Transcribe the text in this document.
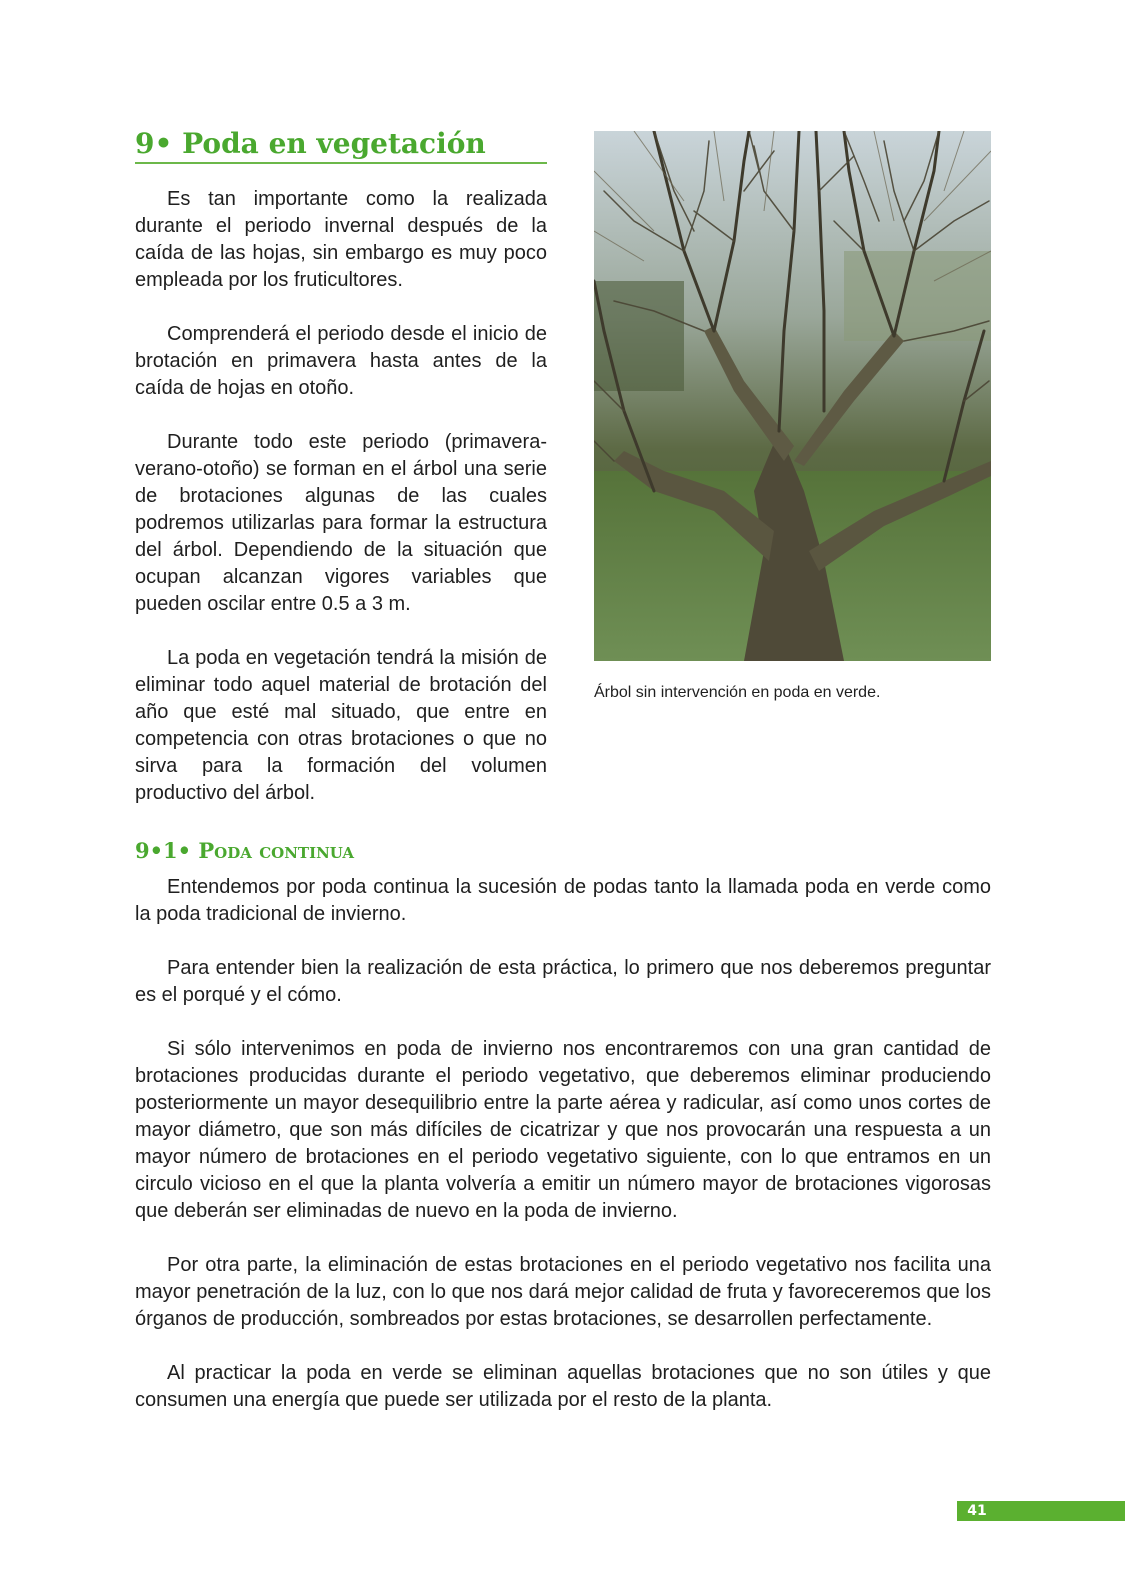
9• Poda en vegetación

Es tan importante como la realizada durante el periodo invernal después de la caída de las hojas, sin embargo es muy poco empleada por los fruticultores.

Comprenderá el periodo desde el inicio de brotación en primavera hasta antes de la caída de hojas en otoño.

Durante todo este periodo (primavera-verano-otoño) se forman en el árbol una serie de brotaciones algunas de las cuales podremos utilizarlas para formar la estructura del árbol. Dependiendo de la situación que ocupan alcanzan vigores variables que pueden oscilar entre 0.5 a 3 m.

La poda en vegetación tendrá la misión de eliminar todo aquel material de brotación del año que esté mal situado, que entre en competencia con otras brotaciones o que no sirva para la formación del volumen productivo del árbol.

Árbol sin intervención en poda en verde.
9•1• Poda continua

Entendemos por poda continua la sucesión de podas tanto la llamada poda en verde como la poda tradicional de invierno.

Para entender bien la realización de esta práctica, lo primero que nos deberemos preguntar es el porqué y el cómo.

Si sólo intervenimos en poda de invierno nos encontraremos con una gran cantidad de brotaciones producidas durante el periodo vegetativo, que deberemos eliminar produciendo posteriormente un mayor desequilibrio entre la parte aérea y radicular, así como unos cortes de mayor diámetro, que son más difíciles de cicatrizar y que nos provocarán una respuesta a un mayor número de brotaciones en el periodo vegetativo siguiente, con lo que entramos en un circulo vicioso en el que la planta volvería a emitir un número mayor de brotaciones vigorosas que deberán ser eliminadas de nuevo en la poda de invierno.

Por otra parte, la eliminación de estas brotaciones en el periodo vegetativo nos facilita una mayor penetración de la luz, con lo que nos dará mejor calidad de fruta y favoreceremos que los órganos de producción, sombreados por estas brotaciones, se desarrollen perfectamente.

Al practicar la poda en verde se eliminan aquellas brotaciones que no son útiles y que consumen una energía que puede ser utilizada por el resto de la planta.

41
